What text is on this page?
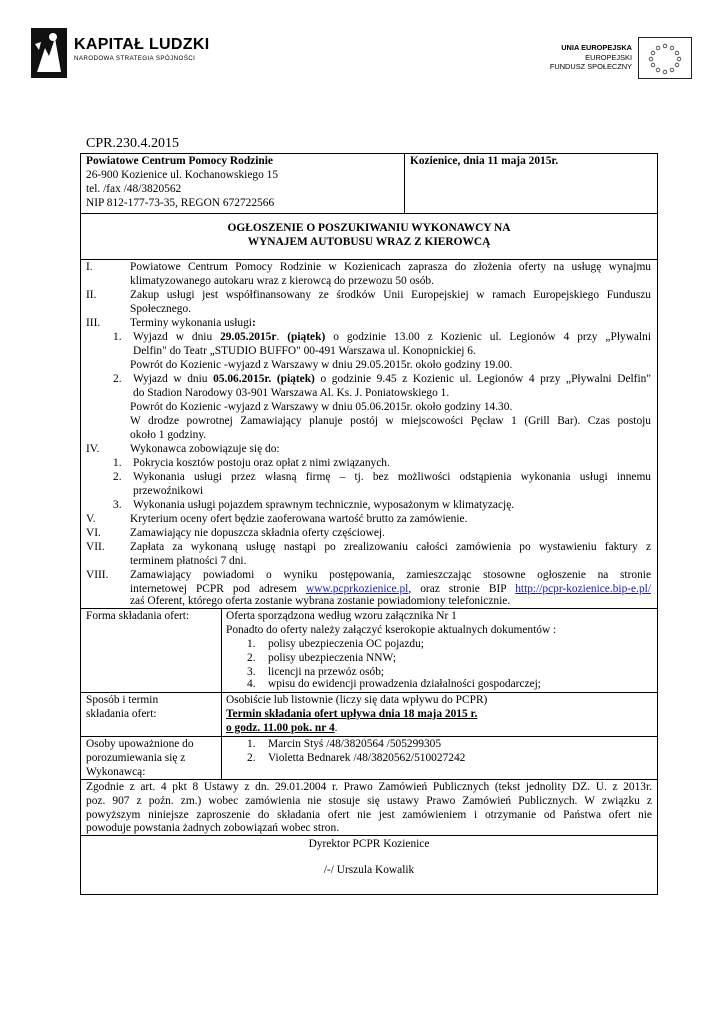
KAPITAŁ LUDZKI
NARODOWA STRATEGIA SPÓJNOŚCI
UNIA EUROPEJSKA
EUROPEJSKI
FUNDUSZ SPOŁECZNY
CPR.230.4.2015
Powiatowe Centrum Pomocy Rodzinie
26-900 Kozienice ul. Kochanowskiego 15
tel. /fax /48/3820562
NIP 812-177-73-35, REGON 672722566
Kozienice, dnia 11 maja 2015r.
OGŁOSZENIE O POSZUKIWANIU WYKONAWCY NA
WYNAJEM AUTOBUSU WRAZ Z KIEROWCĄ
I.	Powiatowe Centrum Pomocy Rodzinie w Kozienicach zaprasza do złożenia oferty na usługę wynajmu
klimatyzowanego autokaru wraz z kierowcą do przewozu 50 osób.
II.	Zakup usługi jest współfinansowany ze środków Unii Europejskiej w ramach Europejskiego Funduszu
Społecznego.
III.	Terminy wykonania usługi:
1. Wyjazd w dniu 29.05.2015r. (piątek) o godzinie 13.00 z Kozienic ul. Legionów 4 przy „Pływalni
Delfin" do Teatr „STUDIO BUFFO" 00-491 Warszawa ul. Konopnickiej 6.
Powrót do Kozienic -wyjazd z Warszawy w dniu 29.05.2015r. około godziny 19.00.
2. Wyjazd w dniu 05.06.2015r. (piątek) o godzinie 9.45 z Kozienic ul. Legionów 4 przy „Pływalni Delfin"
do Stadion Narodowy 03-901 Warszawa Al. Ks. J. Poniatowskiego 1.
Powrót do Kozienic -wyjazd z Warszawy w dniu 05.06.2015r. około godziny 14.30.
W drodze powrotnej Zamawiający planuje postój w miejscowości Pęcław 1 (Grill Bar). Czas postoju
około 1 godziny.
IV.	Wykonawca zobowiązuje się do:
1. Pokrycia kosztów postoju oraz opłat z nimi związanych.
2. Wykonania usługi przez własną firmę – tj. bez możliwości odstąpienia wykonania usługi innemu
przewoźnikowi
3. Wykonania usługi pojazdem sprawnym technicznie, wyposażonym w klimatyzację.
V.	Kryterium oceny ofert będzie zaoferowana wartość brutto za zamówienie.
VI.	Zamawiający nie dopuszcza składnia oferty częściowej.
VII. Zapłata za wykonaną usługę nastąpi po zrealizowaniu całości zamówienia po wystawieniu faktury z
terminem płatności 7 dni.
VIII. Zamawiający powiadomi o wyniku postępowania, zamieszczając stosowne ogłoszenie na stronie
internetowej PCPR pod adresem www.pcprkozienice.pl, oraz stronie BIP http://pcpr-kozienice.bip-e.pl/
zaś Oferent, którego oferta zostanie wybrana zostanie powiadomiony telefonicznie.
Forma składania ofert:	Oferta sporządzona według wzoru załącznika Nr 1
Ponadto do oferty należy załączyć kserokopie aktualnych dokumentów :
1. polisy ubezpieczenia OC pojazdu;
2. polisy ubezpieczenia NNW;
3. licencji na przewóz osób;
4. wpisu do ewidencji prowadzenia działalności gospodarczej;
Sposób i termin
składania ofert:
Osobiście lub listownie (liczy się data wpływu do PCPR)
Termin składania ofert upływa dnia 18 maja 2015 r.
o godz. 11.00 pok. nr 4.
Osoby upoważnione do
porozumiewania się z
Wykonawcą:
1. Marcin Styś /48/3820564 /505299305
2. Violetta Bednarek /48/3820562/510027242
Zgodnie z art. 4 pkt 8 Ustawy z dn. 29.01.2004 r. Prawo Zamówień Publicznych (tekst jednolity DZ. U. z 2013r.
poz. 907 z poźn. zm.) wobec zamówienia nie stosuje się ustawy Prawo Zamówień Publicznych. W związku z
powyższym niniejsze zaproszenie do składania ofert nie jest zamówieniem i otrzymanie od Państwa ofert nie
powoduje powstania żadnych zobowiązań wobec stron.
Dyrektor PCPR Kozienice
/-/ Urszula Kowalik
